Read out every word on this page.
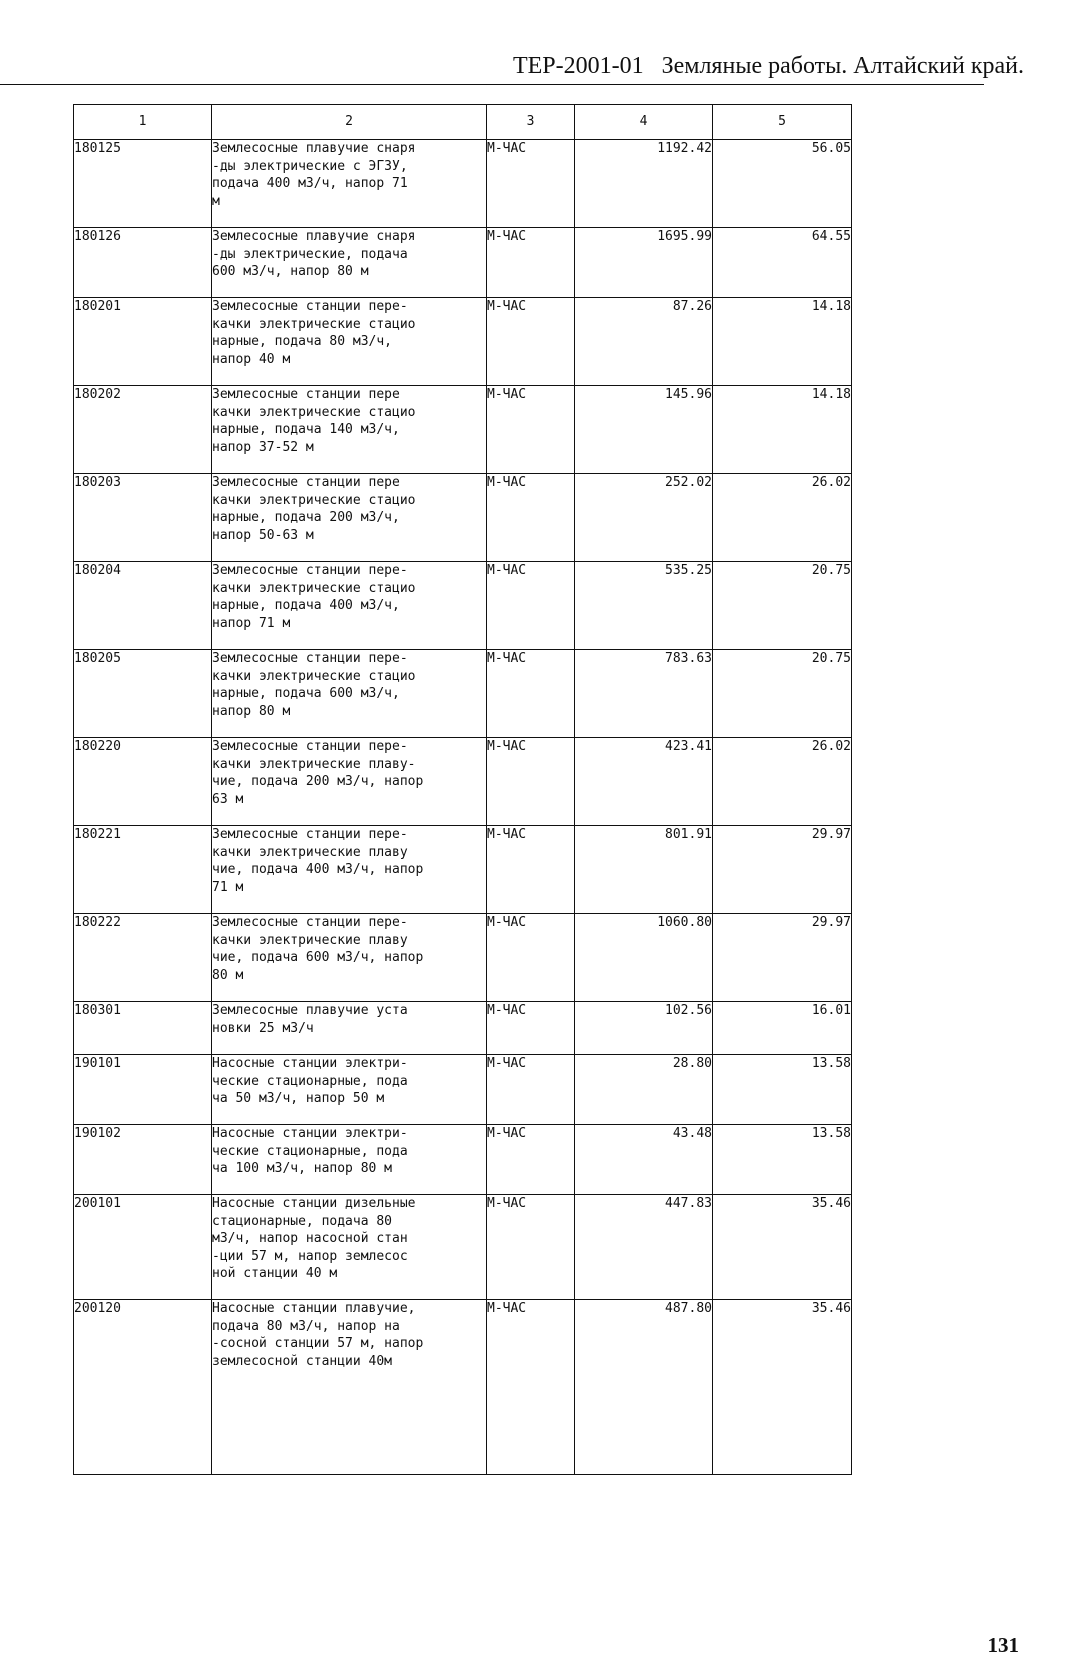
ТЕР-2001-01   Земляные работы. Алтайский край.
1	2	3	4	5
180125	Землесосные плавучие снаря
-ды электрические с ЭГЗУ,
подача 400 м3/ч, напор 71
м	М-ЧАС	1192.42	56.05
180126	Землесосные плавучие снаря
-ды электрические, подача
600 м3/ч, напор 80 м	М-ЧАС	1695.99	64.55
180201	Землесосные станции пере-
качки электрические стацио
нарные, подача 80 м3/ч,
напор 40 м	М-ЧАС	87.26	14.18
180202	Землесосные станции пере
качки электрические стацио
нарные, подача 140 м3/ч,
напор 37-52 м	М-ЧАС	145.96	14.18
180203	Землесосные станции пере
качки электрические стацио
нарные, подача 200 м3/ч,
напор 50-63 м	М-ЧАС	252.02	26.02
180204	Землесосные станции пере-
качки электрические стацио
нарные, подача 400 м3/ч,
напор 71 м	М-ЧАС	535.25	20.75
180205	Землесосные станции пере-
качки электрические стацио
нарные, подача 600 м3/ч,
напор 80 м	М-ЧАС	783.63	20.75
180220	Землесосные станции пере-
качки электрические плаву-
чие, подача 200 м3/ч, напор
63 м	М-ЧАС	423.41	26.02
180221	Землесосные станции пере-
качки электрические плаву
чие, подача 400 м3/ч, напор
71 м	М-ЧАС	801.91	29.97
180222	Землесосные станции пере-
качки электрические плаву
чие, подача 600 м3/ч, напор
80 м	М-ЧАС	1060.80	29.97
180301	Землесосные плавучие уста
новки 25 м3/ч	М-ЧАС	102.56	16.01
190101	Насосные станции электри-
ческие стационарные, пода
ча 50 м3/ч, напор 50 м	М-ЧАС	28.80	13.58
190102	Насосные станции электри-
ческие стационарные, пода
ча 100 м3/ч, напор 80 м	М-ЧАС	43.48	13.58
200101	Насосные станции дизельные
стационарные, подача 80
м3/ч, напор насосной стан
-ции 57 м, напор землесос
ной станции 40 м	М-ЧАС	447.83	35.46
200120	Насосные станции плавучие,
подача 80 м3/ч, напор на
-сосной станции 57 м, напор
землесосной станции 40м	М-ЧАС	487.80	35.46
131
